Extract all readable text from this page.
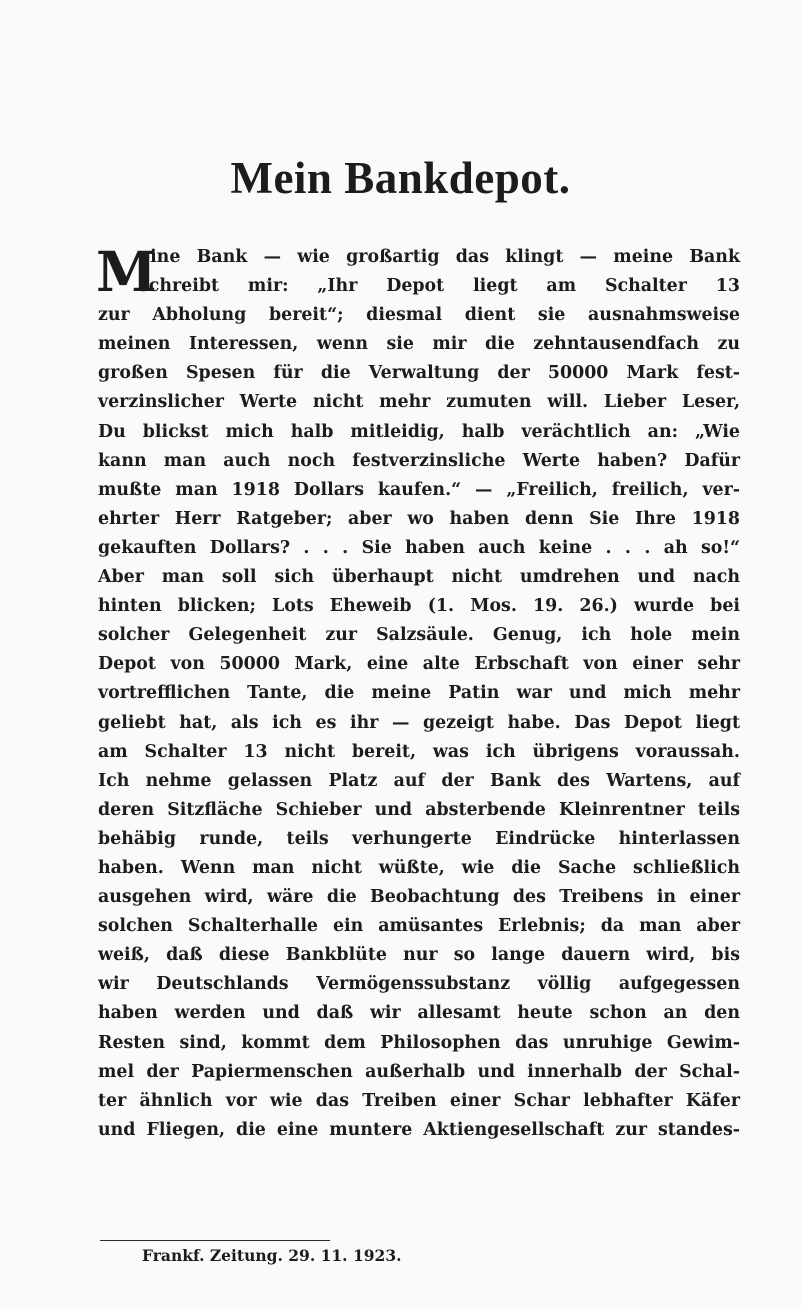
Mein Bankdepot.
M
eine Bank — wie großartig das klingt — meine Bank
schreibt mir: „Ihr Depot liegt am Schalter 13
zur Abholung bereit“; diesmal dient sie ausnahmsweise
meinen Interessen, wenn sie mir die zehntausendfach zu
großen Spesen für die Verwaltung der 50000 Mark fest-
verzinslicher Werte nicht mehr zumuten will. Lieber Leser,
Du blickst mich halb mitleidig, halb verächtlich an: „Wie
kann man auch noch festverzinsliche Werte haben? Dafür
mußte man 1918 Dollars kaufen.“ — „Freilich, freilich, ver-
ehrter Herr Ratgeber; aber wo haben denn Sie Ihre 1918
gekauften Dollars? . . . Sie haben auch keine . . . ah so!“
Aber man soll sich überhaupt nicht umdrehen und nach
hinten blicken; Lots Eheweib (1. Mos. 19. 26.) wurde bei
solcher Gelegenheit zur Salzsäule. Genug, ich hole mein
Depot von 50000 Mark, eine alte Erbschaft von einer sehr
vortrefflichen Tante, die meine Patin war und mich mehr
geliebt hat, als ich es ihr — gezeigt habe. Das Depot liegt
am Schalter 13 nicht bereit, was ich übrigens voraussah.
Ich nehme gelassen Platz auf der Bank des Wartens, auf
deren Sitzfläche Schieber und absterbende Kleinrentner teils
behäbig runde, teils verhungerte Eindrücke hinterlassen
haben. Wenn man nicht wüßte, wie die Sache schließlich
ausgehen wird, wäre die Beobachtung des Treibens in einer
solchen Schalterhalle ein amüsantes Erlebnis; da man aber
weiß, daß diese Bankblüte nur so lange dauern wird, bis
wir Deutschlands Vermögenssubstanz völlig aufgegessen
haben werden und daß wir allesamt heute schon an den
Resten sind, kommt dem Philosophen das unruhige Gewim-
mel der Papiermenschen außerhalb und innerhalb der Schal-
ter ähnlich vor wie das Treiben einer Schar lebhafter Käfer
und Fliegen, die eine muntere Aktiengesellschaft zur standes-
Frankf. Zeitung. 29. 11. 1923.
